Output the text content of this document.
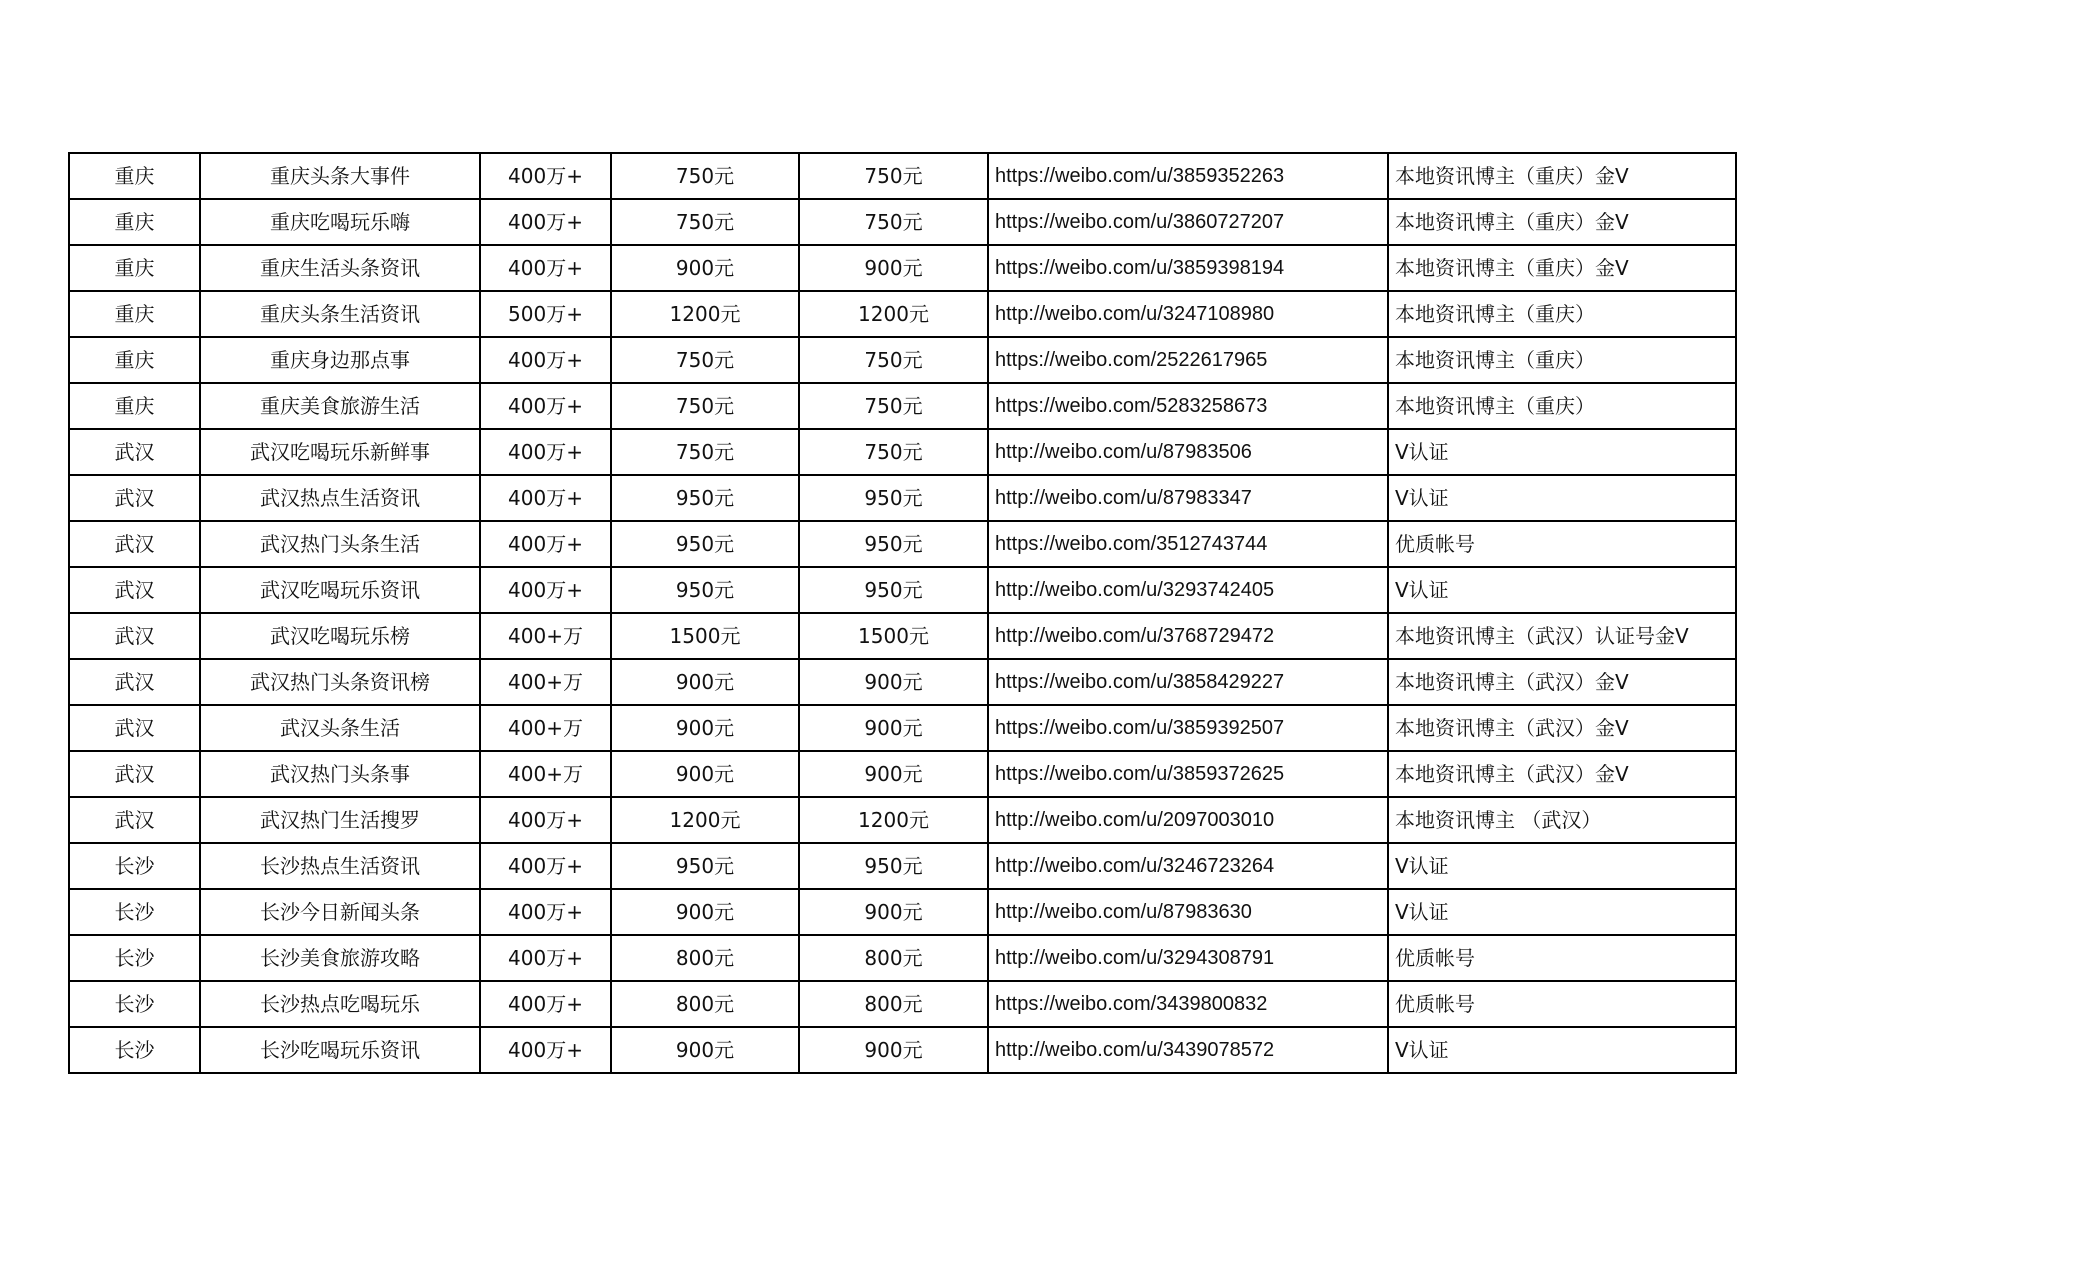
重庆	重庆头条大事件	400万+	750元	750元	https://weibo.com/u/3859352263	本地资讯博主（重庆）金V
重庆	重庆吃喝玩乐嗨	400万+	750元	750元	https://weibo.com/u/3860727207	本地资讯博主（重庆）金V
重庆	重庆生活头条资讯	400万+	900元	900元	https://weibo.com/u/3859398194	本地资讯博主（重庆）金V
重庆	重庆头条生活资讯	500万+	1200元	1200元	http://weibo.com/u/3247108980	本地资讯博主（重庆）
重庆	重庆身边那点事	400万+	750元	750元	https://weibo.com/2522617965	本地资讯博主（重庆）
重庆	重庆美食旅游生活	400万+	750元	750元	https://weibo.com/5283258673	本地资讯博主（重庆）
武汉	武汉吃喝玩乐新鲜事	400万+	750元	750元	http://weibo.com/u/87983506	V认证
武汉	武汉热点生活资讯	400万+	950元	950元	http://weibo.com/u/87983347	V认证
武汉	武汉热门头条生活	400万+	950元	950元	https://weibo.com/3512743744	优质帐号
武汉	武汉吃喝玩乐资讯	400万+	950元	950元	http://weibo.com/u/3293742405	V认证
武汉	武汉吃喝玩乐榜	400+万	1500元	1500元	http://weibo.com/u/3768729472	本地资讯博主（武汉）认证号金V
武汉	武汉热门头条资讯榜	400+万	900元	900元	https://weibo.com/u/3858429227	本地资讯博主（武汉）金V
武汉	武汉头条生活	400+万	900元	900元	https://weibo.com/u/3859392507	本地资讯博主（武汉）金V
武汉	武汉热门头条事	400+万	900元	900元	https://weibo.com/u/3859372625	本地资讯博主（武汉）金V
武汉	武汉热门生活搜罗	400万+	1200元	1200元	http://weibo.com/u/2097003010	本地资讯博主 （武汉）
长沙	长沙热点生活资讯	400万+	950元	950元	http://weibo.com/u/3246723264	V认证
长沙	长沙今日新闻头条	400万+	900元	900元	http://weibo.com/u/87983630	V认证
长沙	长沙美食旅游攻略	400万+	800元	800元	http://weibo.com/u/3294308791	优质帐号
长沙	长沙热点吃喝玩乐	400万+	800元	800元	https://weibo.com/3439800832	优质帐号
长沙	长沙吃喝玩乐资讯	400万+	900元	900元	http://weibo.com/u/3439078572	V认证
